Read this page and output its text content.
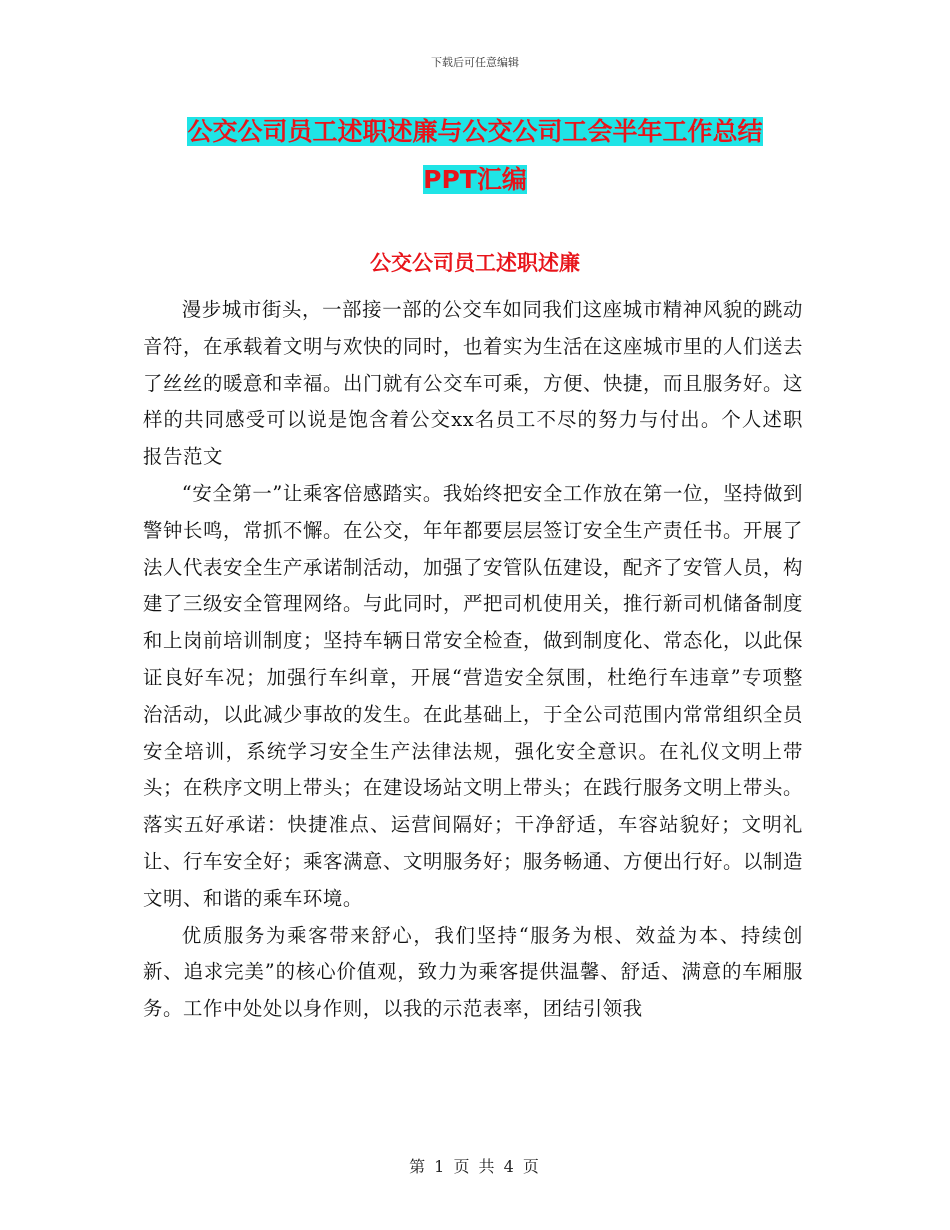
下载后可任意编辑
公交公司员工述职述廉与公交公司工会半年工作总结
PPT汇编
公交公司员工述职述廉

漫步城市街头，一部接一部的公交车如同我们这座城市精神风貌的跳动音符，在承载着文明与欢快的同时，也着实为生活在这座城市里的人们送去了丝丝的暖意和幸福。出门就有公交车可乘，方便、快捷，而且服务好。这样的共同感受可以说是饱含着公交xx名员工不尽的努力与付出。个人述职报告范文

“安全第一”让乘客倍感踏实。我始终把安全工作放在第一位，坚持做到警钟长鸣，常抓不懈。在公交，年年都要层层签订安全生产责任书。开展了法人代表安全生产承诺制活动，加强了安管队伍建设，配齐了安管人员，构建了三级安全管理网络。与此同时，严把司机使用关，推行新司机储备制度和上岗前培训制度；坚持车辆日常安全检查，做到制度化、常态化，以此保证良好车况；加强行车纠章，开展“营造安全氛围，杜绝行车违章”专项整治活动，以此减少事故的发生。在此基础上，于全公司范围内常常组织全员安全培训，系统学习安全生产法律法规，强化安全意识。在礼仪文明上带头；在秩序文明上带头；在建设场站文明上带头；在践行服务文明上带头。落实五好承诺：快捷准点、运营间隔好；干净舒适，车容站貌好；文明礼让、行车安全好；乘客满意、文明服务好；服务畅通、方便出行好。以制造文明、和谐的乘车环境。

优质服务为乘客带来舒心，我们坚持“服务为根、效益为本、持续创新、追求完美”的核心价值观，致力为乘客提供温馨、舒适、满意的车厢服务。工作中处处以身作则，以我的示范表率，团结引领我

第 1 页 共 4 页
